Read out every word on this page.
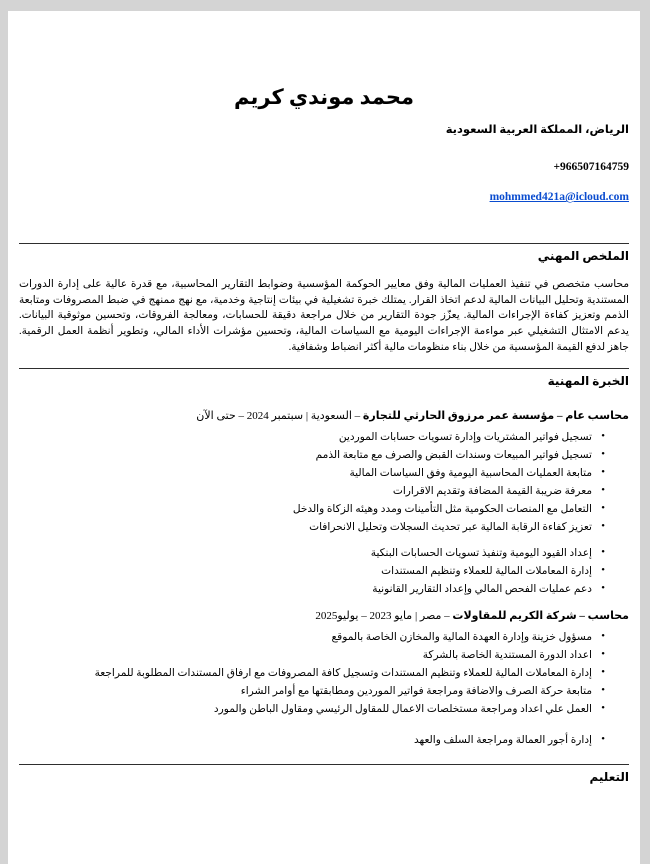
محمد موندي كريم
الرياض، المملكة العربية السعودية
+966507164759
mohmmed421a@icloud.com
الملخص المهني

محاسب متخصص في تنفيذ العمليات المالية وفق معايير الحوكمة المؤسسية وضوابط التقارير المحاسبية، مع قدرة عالية على إدارة الدورات المستندية وتحليل البيانات المالية لدعم اتخاذ القرار. يمتلك خبرة تشغيلية في بيئات إنتاجية وخدمية، مع نهج ممنهج في ضبط المصروفات ومتابعة الذمم وتعزيز كفاءة الإجراءات المالية. يعزّز جودة التقارير من خلال مراجعة دقيقة للحسابات، ومعالجة الفروقات، وتحسين موثوقية البيانات. يدعم الامتثال التشغيلي عبر مواءمة الإجراءات اليومية مع السياسات المالية، وتحسين مؤشرات الأداء المالي، وتطوير أنظمة العمل الرقمية. جاهز لدفع القيمة المؤسسية من خلال بناء منظومات مالية أكثر انضباط وشفافية.

الخبرة المهنية

محاسب عام – مؤسسة عمر مرزوق الحارثي للتجارة – السعودية | سبتمبر 2024 – حتى الآن

• تسجيل فواتير المشتريات وإدارة تسويات حسابات الموردين
• تسجيل فواتير المبيعات وسندات القبض والصرف مع متابعة الذمم
• متابعة العمليات المحاسبية اليومية وفق السياسات المالية
• معرفة ضريبة القيمة المضافة وتقديم الاقرارات
• التعامل مع المنصات الحكومية مثل التأمينات ومدد وهيئه الزكاة والدخل
• تعزيز كفاءة الرقابة المالية عبر تحديث السجلات وتحليل الانحرافات
• إعداد القيود اليومية وتنفيذ تسويات الحسابات البنكية
• إدارة المعاملات المالية للعملاء وتنظيم المستندات
• دعم عمليات الفحص المالي وإعداد التقارير القانونية

محاسب – شركة الكريم للمقاولات – مصر | مايو 2023 – يوليو2025

• مسؤول خزينة وإدارة العهدة المالية والمخازن الخاصة بالموقع
• اعداد الدورة المستندية الخاصة بالشركة
• إدارة المعاملات المالية للعملاء وتنظيم المستندات وتسجيل كافة المصروفات مع ارفاق المستندات المطلوبة للمراجعة
• متابعة حركة الصرف والاضافة ومراجعة فواتير الموردين ومطابقتها مع أوامر الشراء
• العمل علي اعداد ومراجعة مستخلصات الاعمال للمقاول الرئيسي ومقاول الباطن والمورد
• إدارة أجور العمالة ومراجعة السلف والعهد
التعليم
